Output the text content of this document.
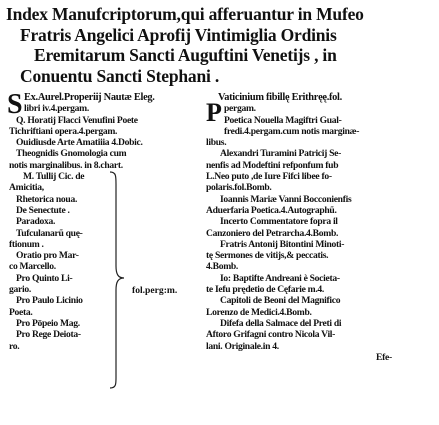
Index Manufcriptorum,qui afferuantur in Mufeo
Fratris Angelici Aprofij Vintimiglia Ordinis
Eremitarum Sancti Auguftini Venetijs , in
Conuentu Sancti Stephani .
S Ex.Aurel.Properiij Nautæ Eleg.
libri iv.4.pergam.
Q. Horatij Flacci Venufini Poete
Tichriftiani opera.4.pergam.
Ouidiusde Arte Amatiiia 4.Dobic.
Theognidis Gnomologia cum
notis marginalibus. in 8.chart.
M. Tullij Cic. de
Amicitia,
Rhetorica noua.
De Senectute .
Paradoxa.
Tufculanarũ quę-
ftionum .
Oratio pro Mar-
co Marcello.
Pro Quinto Li-
gario.
Pro Paulo Licinio
Poeta.
Pro Pōpeio Mag.
Pro Rege Deiota-
ro.
fol.perg:m.
Vaticinium fibillę Erithręę.fol.
P pergam.
Poetica Nouella Magiftri Gual-
fredi.4.pergam.cum notis marginæ-
libus.
Alexandri Turamini Patricij Se-
nenfis ad Modeftini refponfum fub
L.Neo puto ,de Iure Fifci libee fo-
polaris.fol.Bomb.
Ioannis Mariæ Vanni Bocconienfis
Aduerfaria Poetica.4.Autographũ.
Incerto Commentatore fopra il
Canzoniero del Petrarcha.4.Bomb.
Fratris Antonij Bitontini Minoti-
tę Sermones de vitijs,& peccatis.
4.Bomb.
Io: Baptifte Andreani è Societa-
te Iefu prędetio de Cęfarie m.4.
Capitoli de Beoni del Magnifico
Lorenzo de Medici.4.Bomb.
Difefa della Salmace del Preti di
Aftoro Grifagni contro Nicola Vil-
lani. Originale.in 4.
Efe-
